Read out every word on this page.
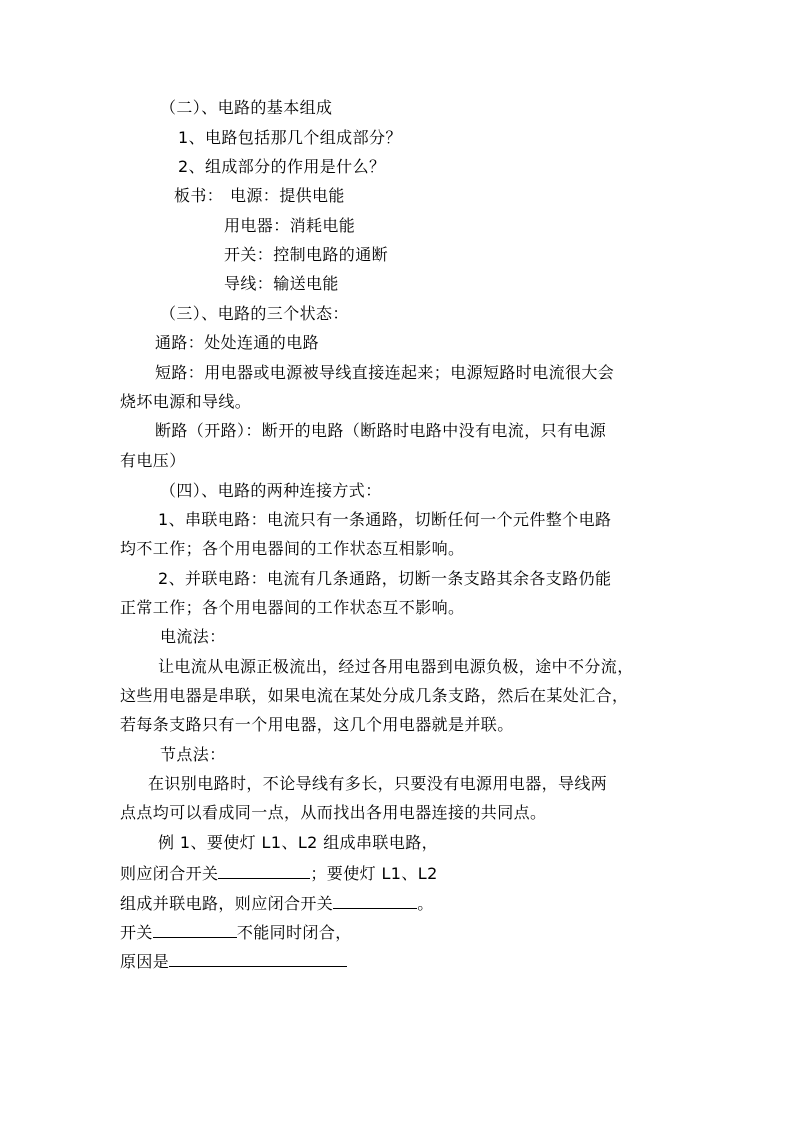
（二）、电路的基本组成
1、电路包括那几个组成部分？
2、组成部分的作用是什么？
板书： 电源：提供电能
用电器：消耗电能
开关：控制电路的通断
导线：输送电能
（三）、电路的三个状态：
通路：处处连通的电路
短路：用电器或电源被导线直接连起来；电源短路时电流很大会
烧坏电源和导线。
断路（开路）：断开的电路（断路时电路中没有电流，只有电源
有电压）
（四）、电路的两种连接方式：
1、串联电路：电流只有一条通路，切断任何一个元件整个电路
均不工作；各个用电器间的工作状态互相影响。
2、并联电路：电流有几条通路，切断一条支路其余各支路仍能
正常工作；各个用电器间的工作状态互不影响。
电流法：
让电流从电源正极流出，经过各用电器到电源负极，途中不分流，
这些用电器是串联，如果电流在某处分成几条支路，然后在某处汇合，
若每条支路只有一个用电器，这几个用电器就是并联。
节点法：
在识别电路时，不论导线有多长，只要没有电源用电器，导线两
点点均可以看成同一点，从而找出各用电器连接的共同点。
例 1、要使灯 L1、L2 组成串联电路，
则应闭合开关	；要使灯 L1、L2
组成并联电路，则应闭合开关	。
开关	不能同时闭合，
原因是
